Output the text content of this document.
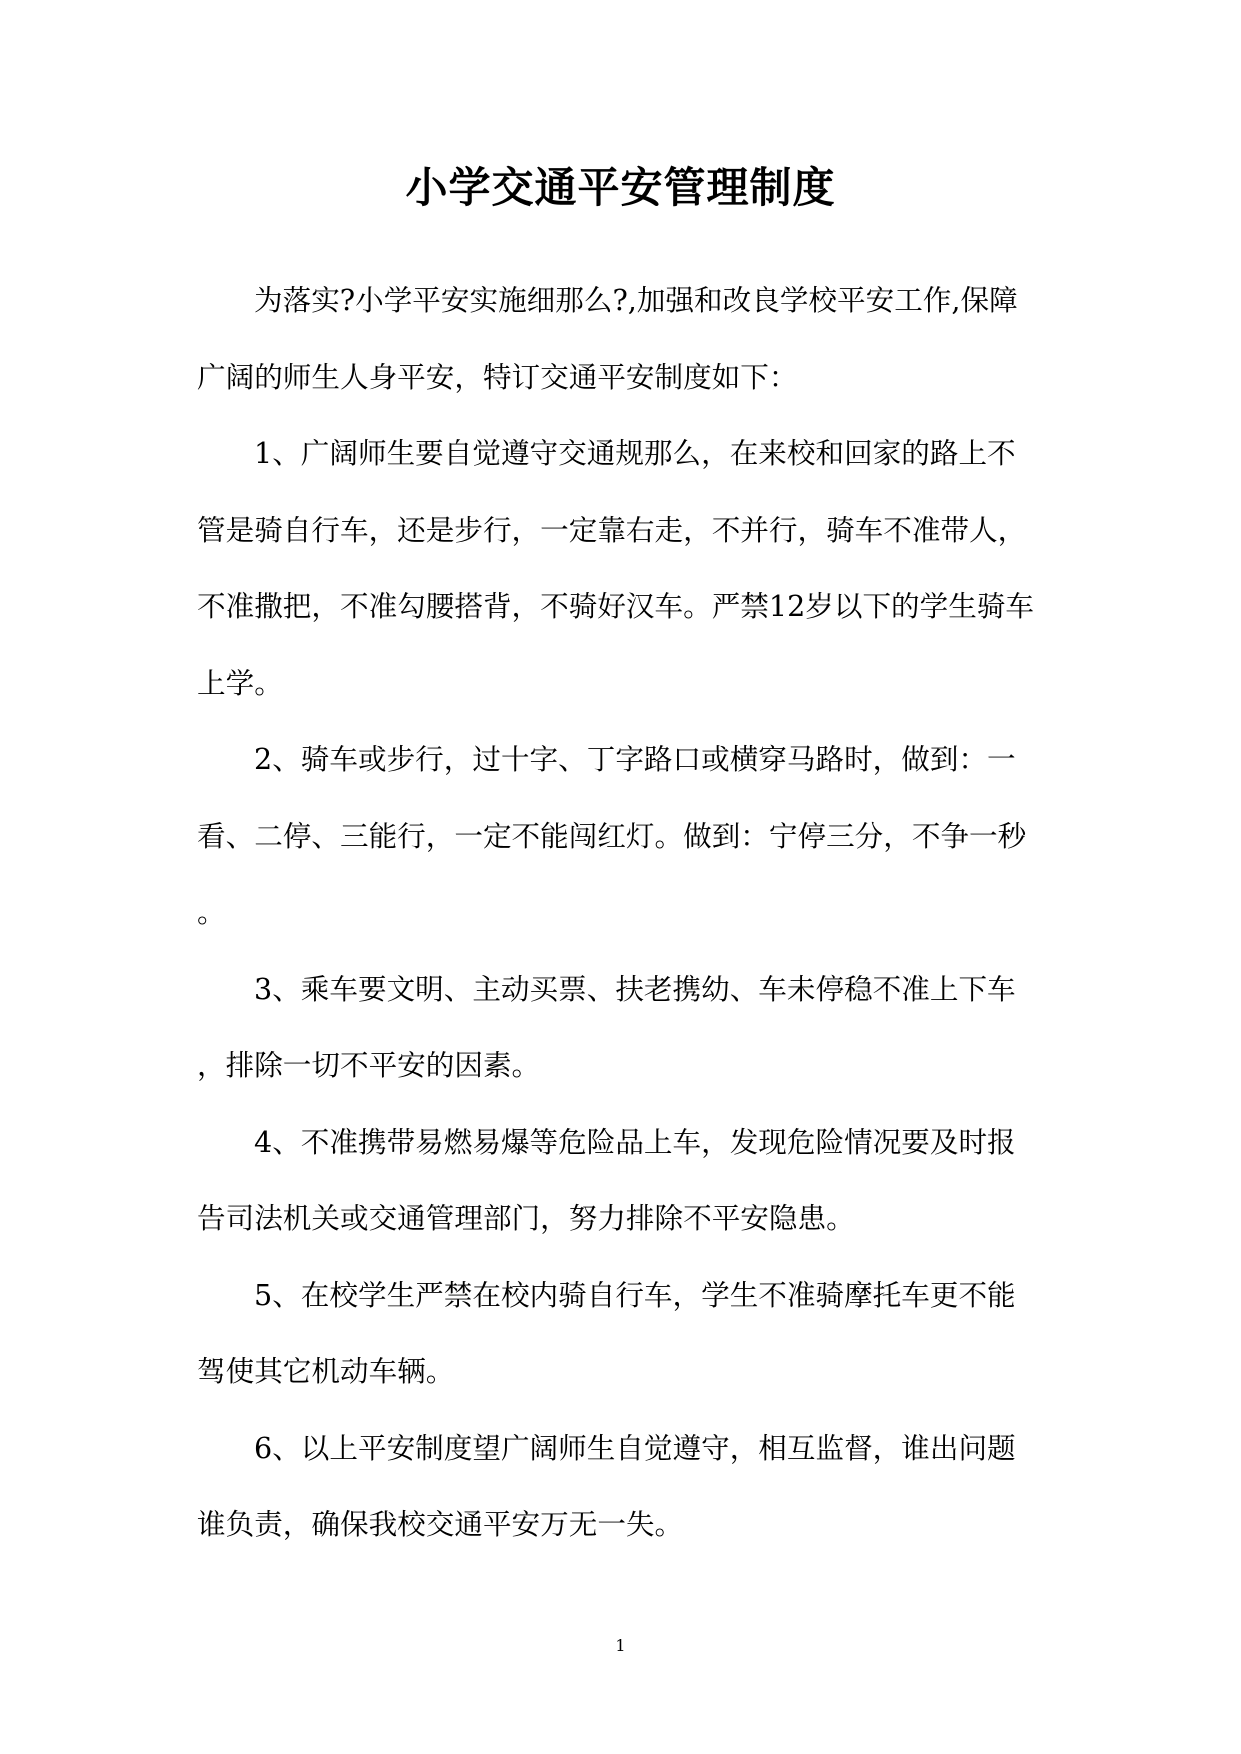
小学交通平安管理制度
为落实?小学平安实施细那么?,加强和改良学校平安工作,保障
广阔的师生人身平安，特订交通平安制度如下：
1、广阔师生要自觉遵守交通规那么，在来校和回家的路上不
管是骑自行车，还是步行，一定靠右走，不并行，骑车不准带人，
不准撒把，不准勾腰搭背，不骑好汉车。严禁12岁以下的学生骑车
上学。
2、骑车或步行，过十字、丁字路口或横穿马路时，做到：一
看、二停、三能行，一定不能闯红灯。做到：宁停三分，不争一秒
。
3、乘车要文明、主动买票、扶老携幼、车未停稳不准上下车
，排除一切不平安的因素。
4、不准携带易燃易爆等危险品上车，发现危险情况要及时报
告司法机关或交通管理部门，努力排除不平安隐患。
5、在校学生严禁在校内骑自行车，学生不准骑摩托车更不能
驾使其它机动车辆。
6、以上平安制度望广阔师生自觉遵守，相互监督，谁出问题
谁负责，确保我校交通平安万无一失。
1
